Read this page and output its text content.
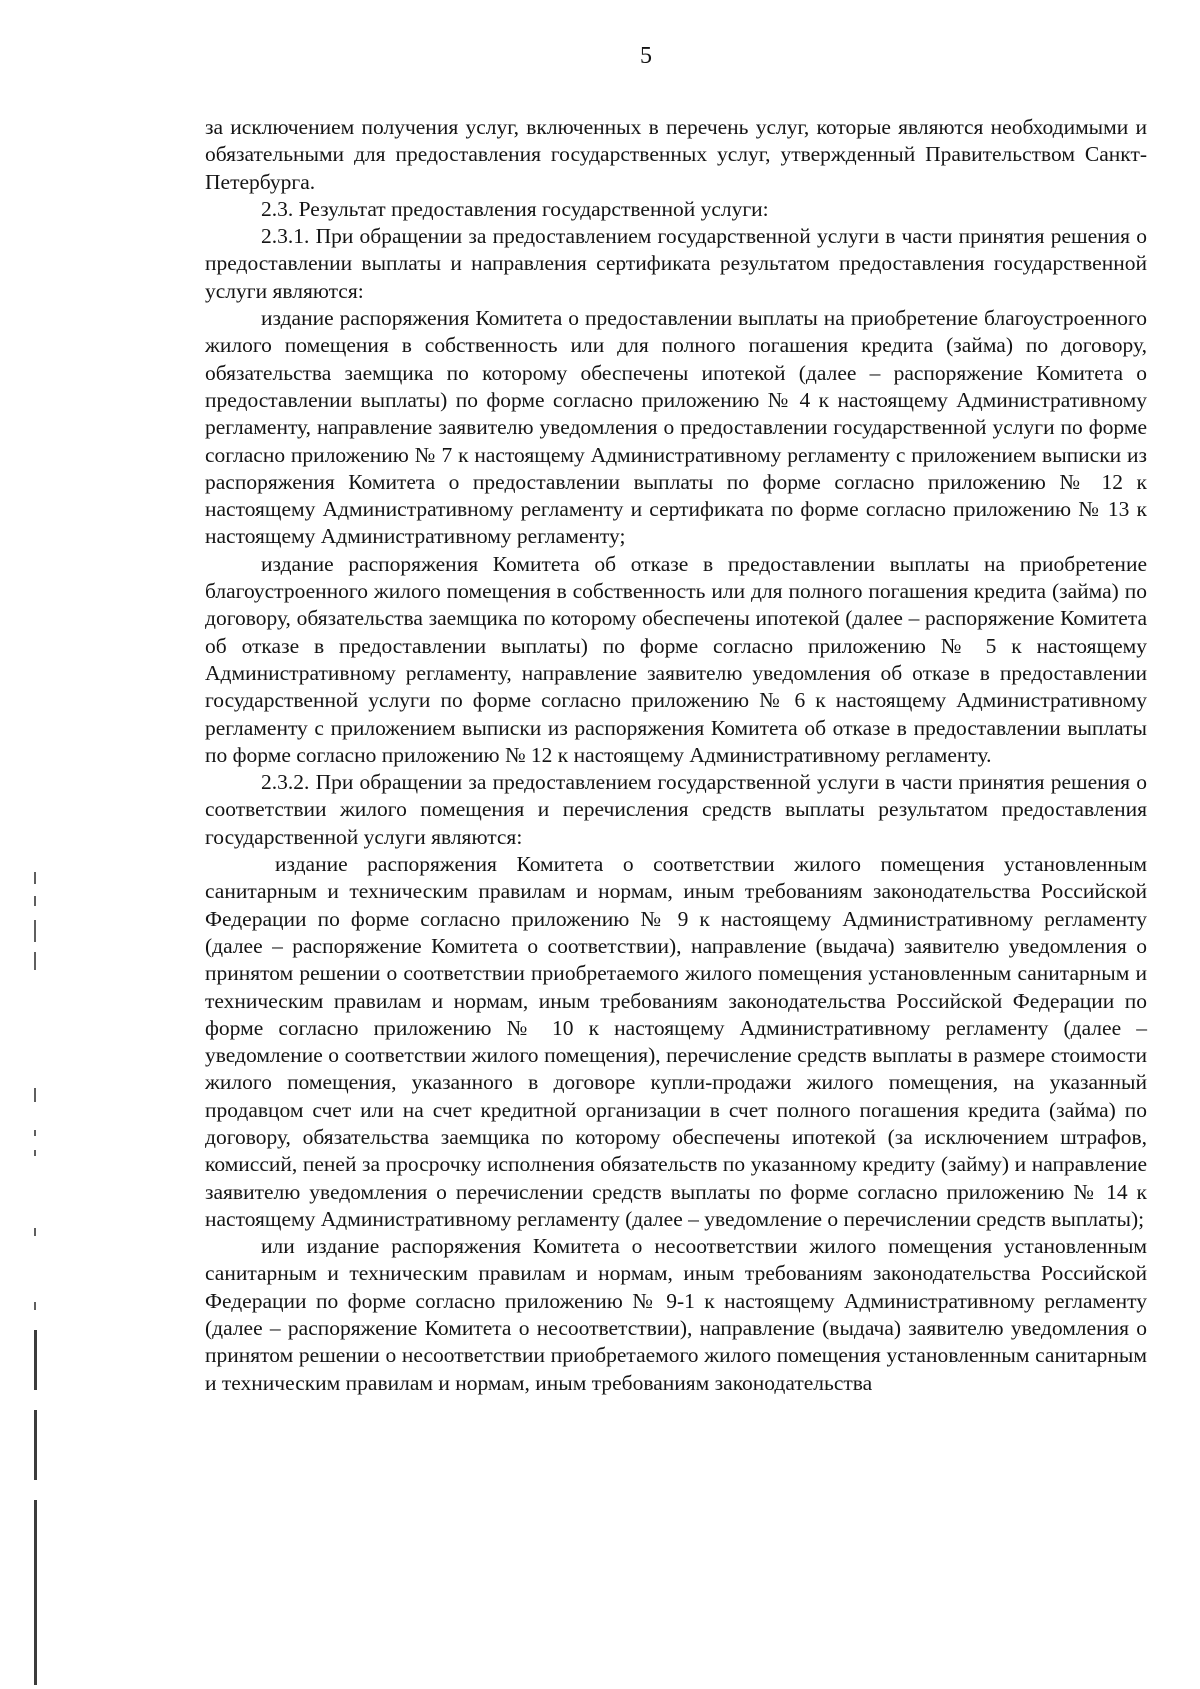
5

за исключением получения услуг, включенных в перечень услуг, которые являются необходимыми и обязательными для предоставления государственных услуг, утвержденный Правительством Санкт-Петербурга.

2.3. Результат предоставления государственной услуги:

2.3.1. При обращении за предоставлением государственной услуги в части принятия решения о предоставлении выплаты и направления сертификата результатом предоставления государственной услуги являются:

издание распоряжения Комитета о предоставлении выплаты на приобретение благоустроенного жилого помещения в собственность или для полного погашения кредита (займа) по договору, обязательства заемщика по которому обеспечены ипотекой (далее – распоряжение Комитета о предоставлении выплаты) по форме согласно приложению № 4 к настоящему Административному регламенту, направление заявителю уведомления о предоставлении государственной услуги по форме согласно приложению № 7 к настоящему Административному регламенту с приложением выписки из распоряжения Комитета о предоставлении выплаты по форме согласно приложению № 12 к настоящему Административному регламенту и сертификата по форме согласно приложению № 13 к настоящему Административному регламенту;

издание распоряжения Комитета об отказе в предоставлении выплаты на приобретение благоустроенного жилого помещения в собственность или для полного погашения кредита (займа) по договору, обязательства заемщика по которому обеспечены ипотекой (далее – распоряжение Комитета об отказе в предоставлении выплаты) по форме согласно приложению № 5 к настоящему Административному регламенту, направление заявителю уведомления об отказе в предоставлении государственной услуги по форме согласно приложению № 6 к настоящему Административному регламенту с приложением выписки из распоряжения Комитета об отказе в предоставлении выплаты по форме согласно приложению № 12 к настоящему Административному регламенту.

2.3.2. При обращении за предоставлением государственной услуги в части принятия решения о соответствии жилого помещения и перечисления средств выплаты результатом предоставления государственной услуги являются:

издание распоряжения Комитета о соответствии жилого помещения установленным санитарным и техническим правилам и нормам, иным требованиям законодательства Российской Федерации по форме согласно приложению № 9 к настоящему Административному регламенту (далее – распоряжение Комитета о соответствии), направление (выдача) заявителю уведомления о принятом решении о соответствии приобретаемого жилого помещения установленным санитарным и техническим правилам и нормам, иным требованиям законодательства Российской Федерации по форме согласно приложению № 10 к настоящему Административному регламенту (далее – уведомление о соответствии жилого помещения), перечисление средств выплаты в размере стоимости жилого помещения, указанного в договоре купли-продажи жилого помещения, на указанный продавцом счет или на счет кредитной организации в счет полного погашения кредита (займа) по договору, обязательства заемщика по которому обеспечены ипотекой (за исключением штрафов, комиссий, пеней за просрочку исполнения обязательств по указанному кредиту (займу) и направление заявителю уведомления о перечислении средств выплаты по форме согласно приложению № 14 к настоящему Административному регламенту (далее – уведомление о перечислении средств выплаты);

или издание распоряжения Комитета о несоответствии жилого помещения установленным санитарным и техническим правилам и нормам, иным требованиям законодательства Российской Федерации по форме согласно приложению № 9-1 к настоящему Административному регламенту (далее – распоряжение Комитета о несоответствии), направление (выдача) заявителю уведомления о принятом решении о несоответствии приобретаемого жилого помещения установленным санитарным и техническим правилам и нормам, иным требованиям законодательства
